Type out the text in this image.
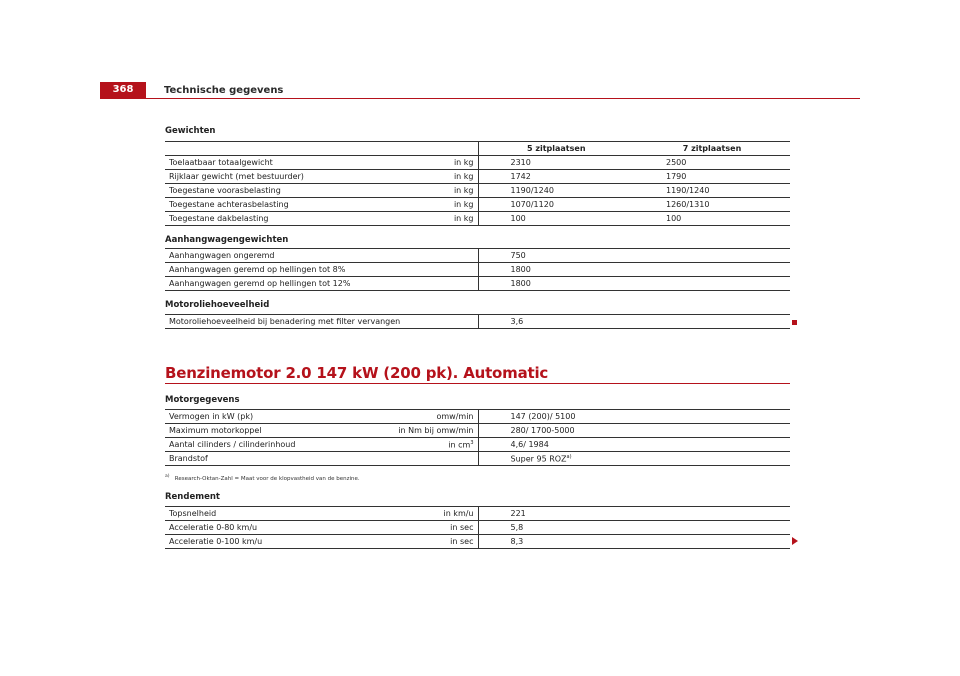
368	Technische gegevens
Gewichten
		5 zitplaatsen	7 zitplaatsen
Toelaatbaar totaalgewicht	in kg	2310	2500
Rijklaar gewicht (met bestuurder)	in kg	1742	1790
Toegestane voorasbelasting	in kg	1190/1240	1190/1240
Toegestane achterasbelasting	in kg	1070/1120	1260/1310
Toegestane dakbelasting	in kg	100	100
Aanhangwagengewichten
Aanhangwagen ongeremd	750
Aanhangwagen geremd op hellingen tot 8%	1800
Aanhangwagen geremd op hellingen tot 12%	1800
Motoroliehoeveelheid
Motoroliehoeveelheid bij benadering met filter vervangen	3,6
Benzinemotor 2.0 147 kW (200 pk). Automatic
Motorgegevens
Vermogen in kW (pk)	omw/min	147 (200)/ 5100
Maximum motorkoppel	in Nm bij omw/min	280/ 1700-5000
Aantal cilinders / cilinderinhoud	in $cm^3$	4,6/ 1984
Brandstof		Super 95 ROZ$^{a)}$
$^{a)}$ Research-Oktan-Zahl = Maat voor de klopvastheid van de benzine.
Rendement
Topsnelheid	in km/u	221
Acceleratie 0-80 km/u	in sec	5,8
Acceleratie 0-100 km/u	in sec	8,3
